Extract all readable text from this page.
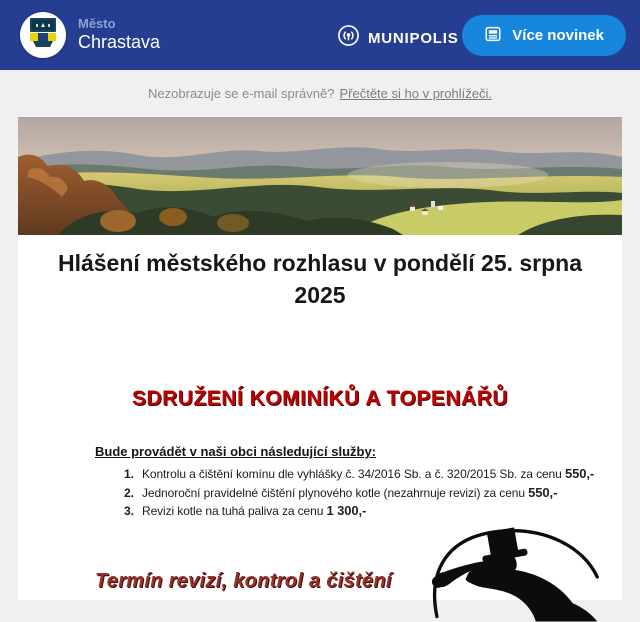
Město
Chrastava	MUNIPOLIS	Více novinek
Nezobrazuje se e-mail správně? Přečtěte si ho v prohlížeči.
Hlášení městského rozhlasu v pondělí 25. srpna 2025
SDRUŽENÍ KOMINÍKŮ A TOPENÁŘŮ
Bude provádět v naši obci následující služby:
Kontrolu a čištění komínu dle vyhlášky č. 34/2016 Sb. a č. 320/2015 Sb. za cenu 550,-
Jednoroční pravidelné čištění plynového kotle (nezahrnuje revizi) za cenu 550,-
Revizi kotle na tuhá paliva za cenu 1 300,-
Termín revizí, kontrol a čištění
